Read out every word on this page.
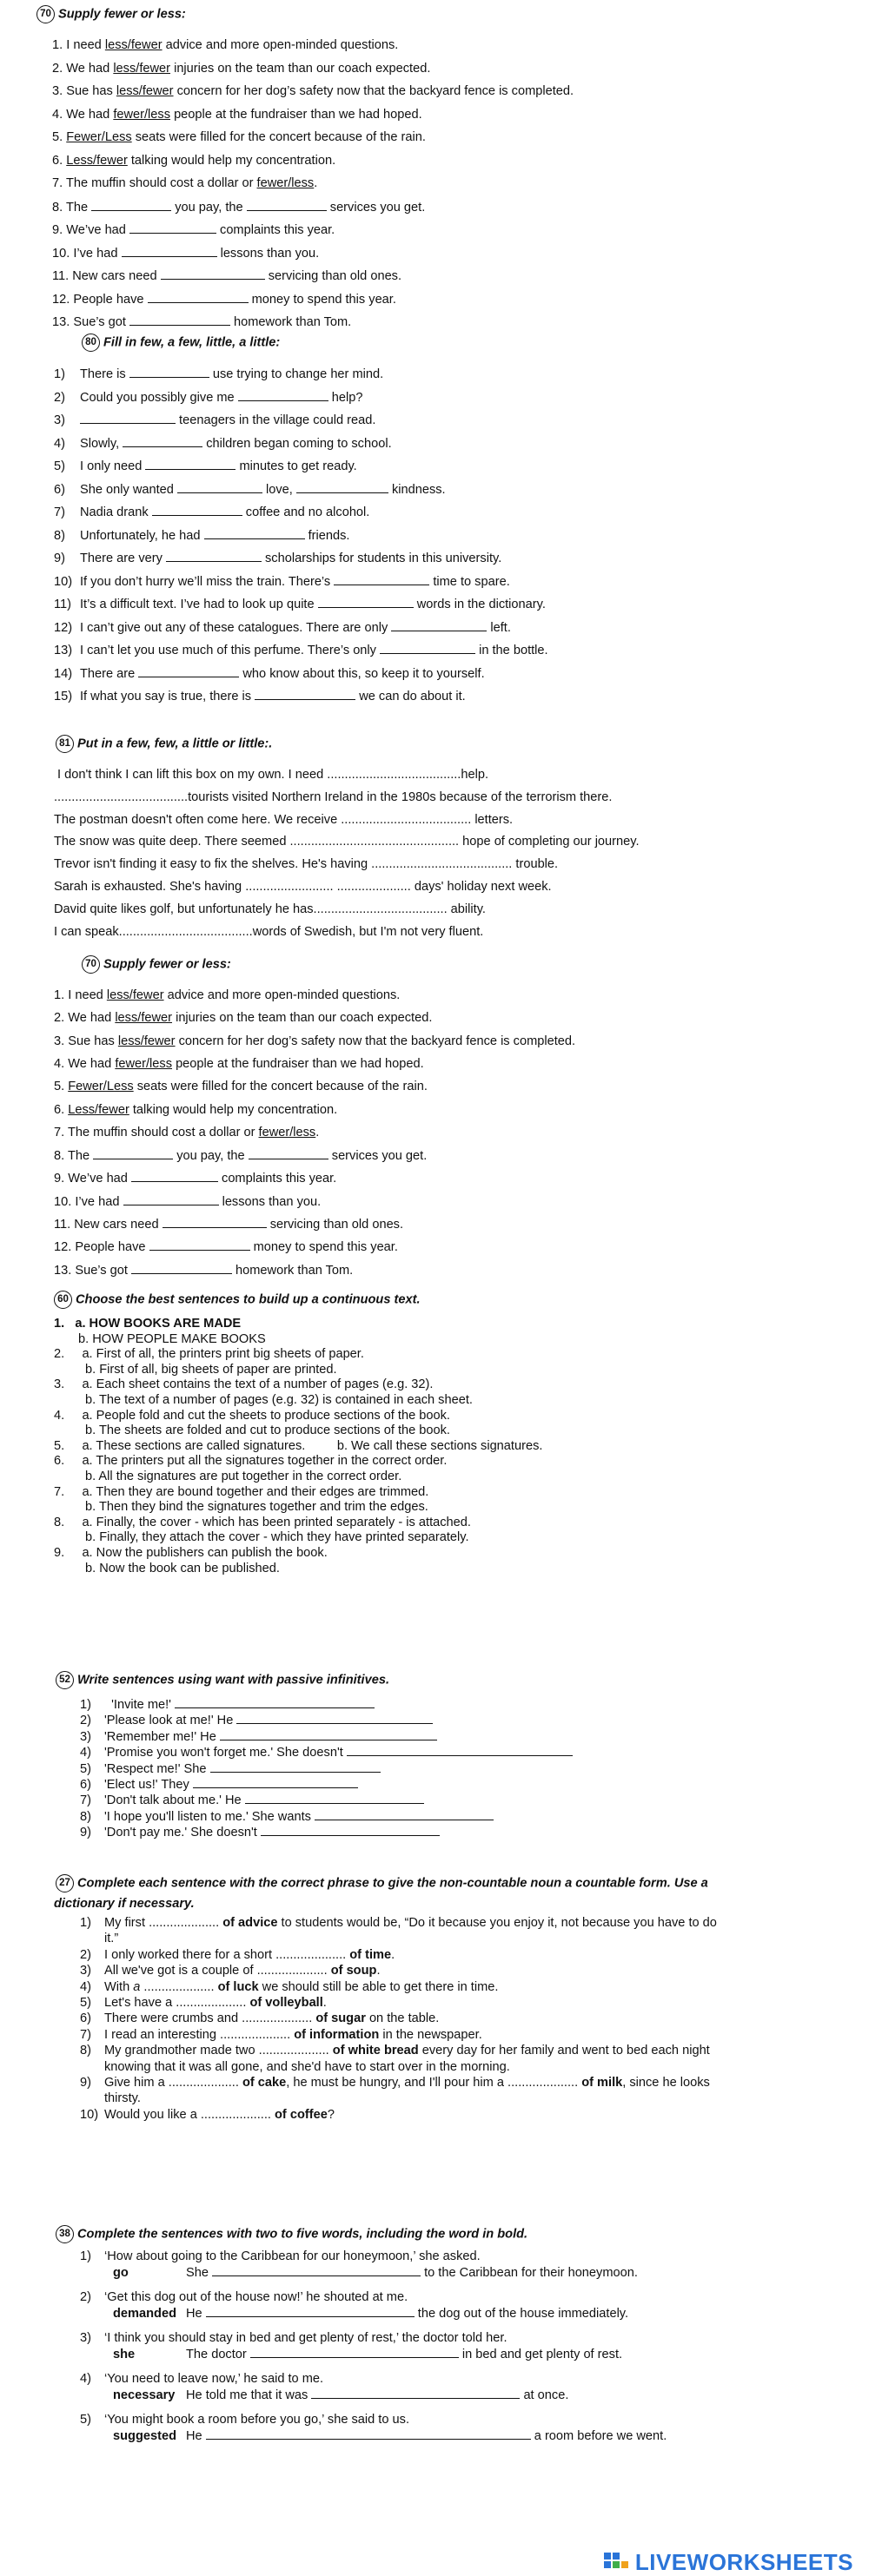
70 Supply fewer or less:
1. I need less/fewer advice and more open-minded questions.
2. We had less/fewer injuries on the team than our coach expected.
3. Sue has less/fewer concern for her dog’s safety now that the backyard fence is completed.
4. We had fewer/less people at the fundraiser than we had hoped.
5. Fewer/Less seats were filled for the concert because of the rain.
6. Less/fewer talking would help my concentration.
7. The muffin should cost a dollar or fewer/less.
8. The	you pay, the	services you get.
9. We’ve had	complaints this year.
10. I’ve had	lessons than you.
11. New cars need	servicing than old ones.
12. People have	money to spend this year.
13. Sue’s got	homework than Tom.
80 Fill in few, a few, little, a little:
1) There is	use trying to change her mind.
2) Could you possibly give me	help?
3)	teenagers in the village could read.
4) Slowly,	children began coming to school.
5) I only need	minutes to get ready.
6) She only wanted	love,	kindness.
7) Nadia drank	coffee and no alcohol.
8) Unfortunately, he had	friends.
9) There are very	scholarships for students in this university.
10) If you don’t hurry we’ll miss the train. There’s	time to spare.
11) It’s a difficult text. I’ve had to look up quite	words in the dictionary.
12) I can’t give out any of these catalogues. There are only	left.
13) I can’t let you use much of this perfume. There’s only	in the bottle.
14) There are	who know about this, so keep it to yourself.
15) If what you say is true, there is	we can do about it.
81 Put in a few, few, a little or little:.
I don't think I can lift this box on my own. I need ......................................help.
......................................tourists visited Northern Ireland in the 1980s because of the terrorism there.
The postman doesn't often come here. We receive ..................................... letters.
The snow was quite deep. There seemed ................................................ hope of completing our journey.
Trevor isn't finding it easy to fix the shelves. He's having ........................................ trouble.
Sarah is exhausted. She's having ......................... ..................... days' holiday next week.
David quite likes golf, but unfortunately he has...................................... ability.
I can speak......................................words of Swedish, but I'm not very fluent.
70 Supply fewer or less:
1. I need less/fewer advice and more open-minded questions.
2. We had less/fewer injuries on the team than our coach expected.
3. Sue has less/fewer concern for her dog’s safety now that the backyard fence is completed.
4. We had fewer/less people at the fundraiser than we had hoped.
5. Fewer/Less seats were filled for the concert because of the rain.
6. Less/fewer talking would help my concentration.
7. The muffin should cost a dollar or fewer/less.
8. The	you pay, the	services you get.
9. We’ve had	complaints this year.
10. I’ve had	lessons than you.
11. New cars need	servicing than old ones.
12. People have	money to spend this year.
13. Sue’s got	homework than Tom.
60 Choose the best sentences to build up a continuous text.
1.   a. HOW BOOKS ARE MADE
b. HOW PEOPLE MAKE BOOKS
2.     a. First of all, the printers print big sheets of paper.
b. First of all, big sheets of paper are printed.
3.     a. Each sheet contains the text of a number of pages (e.g. 32).
b. The text of a number of pages (e.g. 32) is contained in each sheet.
4.     a. People fold and cut the sheets to produce sections of the book.
b. The sheets are folded and cut to produce sections of the book.
5.     a. These sections are called signatures.         b. We call these sections signatures.
6.     a. The printers put all the signatures together in the correct order.
b. All the signatures are put together in the correct order.
7.     a. Then they are bound together and their edges are trimmed.
b. Then they bind the signatures together and trim the edges.
8.     a. Finally, the cover - which has been printed separately - is attached.
b. Finally, they attach the cover - which they have printed separately.
9.     a. Now the publishers can publish the book.
b. Now the book can be published.
52 Write sentences using want with passive infinitives.
1)  'Invite me!'
2) 'Please look at me!' He
3) 'Remember me!' He
4) 'Promise you won't forget me.' She doesn't
5) 'Respect me!' She
6) 'Elect us!' They
7) 'Don't talk about me.' He
8) 'I hope you'll listen to me.' She wants
9) 'Don't pay me.' She doesn't
27 Complete each sentence with the correct phrase to give the non-countable noun a countable form. Use a
dictionary if necessary.
1) My first .................... of advice to students would be, “Do it because you enjoy it, not because you have to do
it.”
2) I only worked there for a short .................... of time.
3) All we've got is a couple of .................... of soup.
4) With a .................... of luck we should still be able to get there in time.
5) Let's have a .................... of volleyball.
6) There were crumbs and .................... of sugar on the table.
7) I read an interesting .................... of information in the newspaper.
8) My grandmother made two .................... of white bread every day for her family and went to bed each night
knowing that it was all gone, and she'd have to start over in the morning.
9) Give him a .................... of cake, he must be hungry, and I'll pour him a .................... of milk, since he looks
thirsty.
10) Would you like a .................... of coffee?
38 Complete the sentences with two to five words, including the word in bold.
1) ‘How about going to the Caribbean for our honeymoon,’ she asked.
go	She	to the Caribbean for their honeymoon.
2) ‘Get this dog out of the house now!’ he shouted at me.
demanded He	the dog out of the house immediately.
3) ‘I think you should stay in bed and get plenty of rest,’ the doctor told her.
she	The doctor	in bed and get plenty of rest.
4) ‘You need to leave now,’ he said to me.
necessary He told me that it was	at once.
5) ‘You might book a room before you go,’ she said to us.
suggested He	a room before we went.
LIVEWORKSHEETS
